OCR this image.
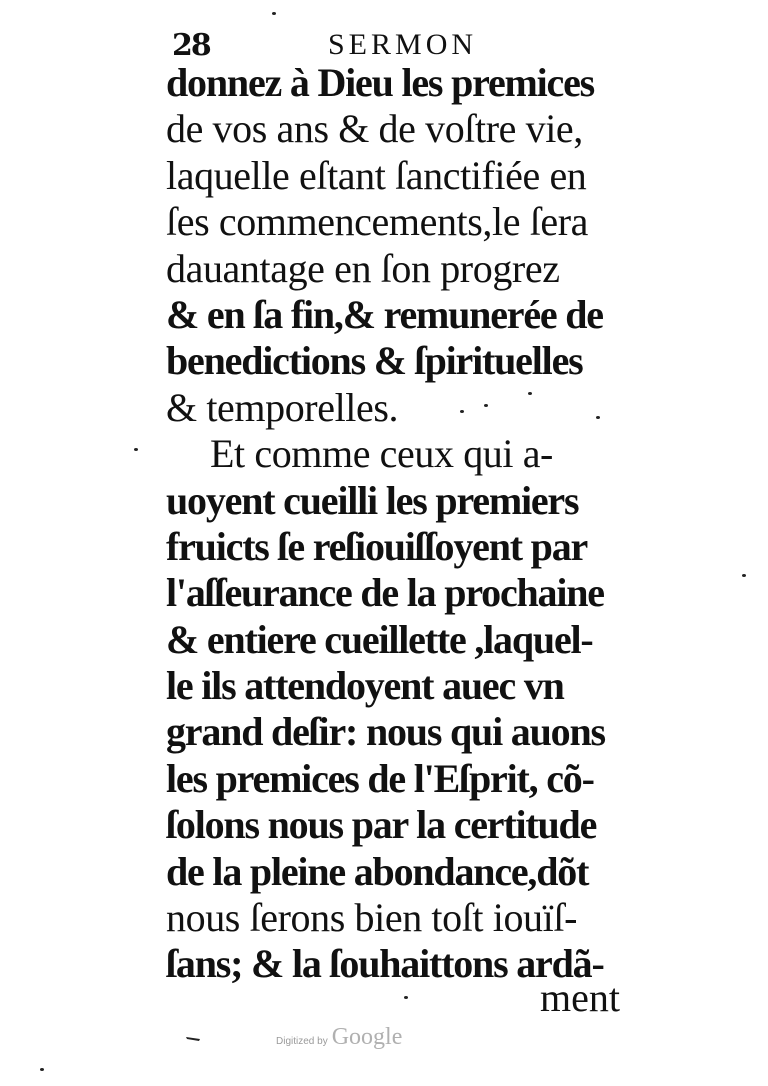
28	SERMON
donnez à Dieu les premices
de vos ans & de voſtre vie,
laquelle eſtant ſanctifiée en
ſes commencements,le ſera
dauantage en ſon progrez
& en ſa fin,& remunerée de
benedictions & ſpirituelles
& temporelles.
Et comme ceux qui a-
uoyent cueilli les premiers
fruicts ſe reſiouiſſoyent par
l'aſſeurance de la prochaine
& entiere cueillette ,laquel-
le ils attendoyent auec vn
grand deſir: nous qui auons
les premices de l'Eſprit, cõ-
ſolons nous par la certitude
de la pleine abondance,dõt
nous ſerons bien toſt iouïſ-
ſans; & la ſouhaittons ardã-
ment
Digitized by Google
